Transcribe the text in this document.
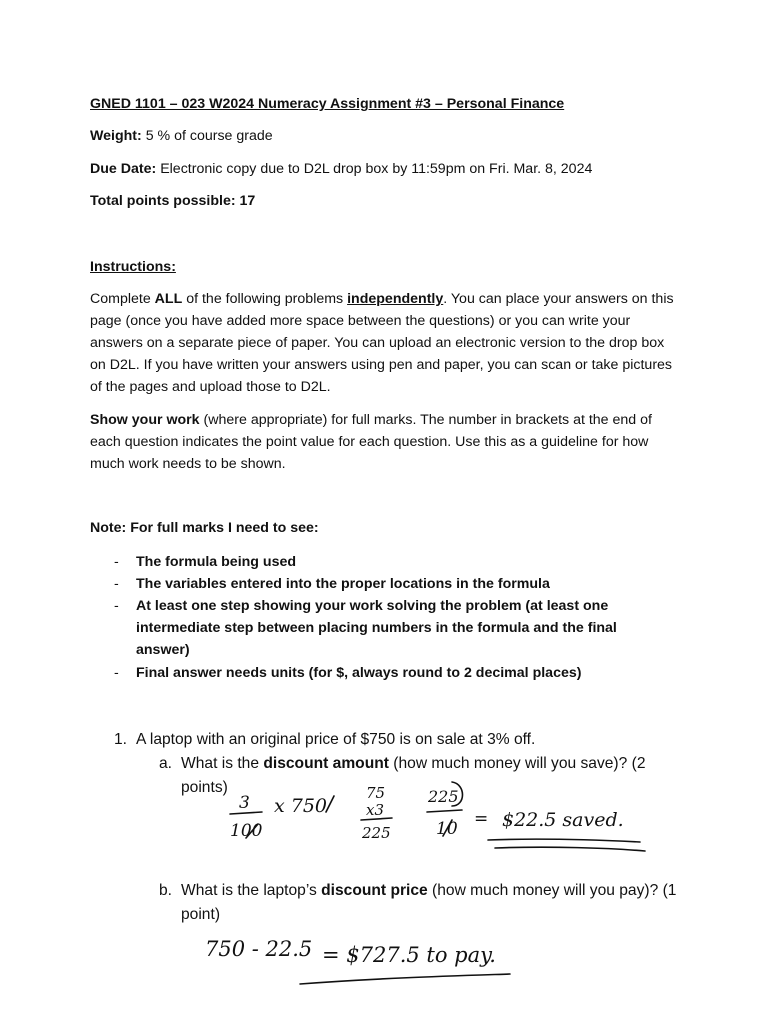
GNED 1101 – 023 W2024 Numeracy Assignment #3 – Personal Finance
Weight: 5 % of course grade
Due Date: Electronic copy due to D2L drop box by 11:59pm on Fri. Mar. 8, 2024
Total points possible: 17
Instructions:

Complete ALL of the following problems independently. You can place your answers on this page (once you have added more space between the questions) or you can write your answers on a separate piece of paper. You can upload an electronic version to the drop box on D2L. If you have written your answers using pen and paper, you can scan or take pictures of the pages and upload those to D2L.

Show your work (where appropriate) for full marks. The number in brackets at the end of each question indicates the point value for each question. Use this as a guideline for how much work needs to be shown.

Note: For full marks I need to see:
- The formula being used
- The variables entered into the proper locations in the formula
- At least one step showing your work solving the problem (at least one intermediate step between placing numbers in the formula and the final answer)
- Final answer needs units (for $, always round to 2 decimal places)
1. A laptop with an original price of $750 is on sale at 3% off.
a. What is the discount amount (how much money will you save)? (2 points)
b. What is the laptop’s discount price (how much money will you pay)? (1 point)
3
100
x 750
75
x3
225
225
10 = $22.5 saved.
750 - 22.5 = $727.5 to pay.
